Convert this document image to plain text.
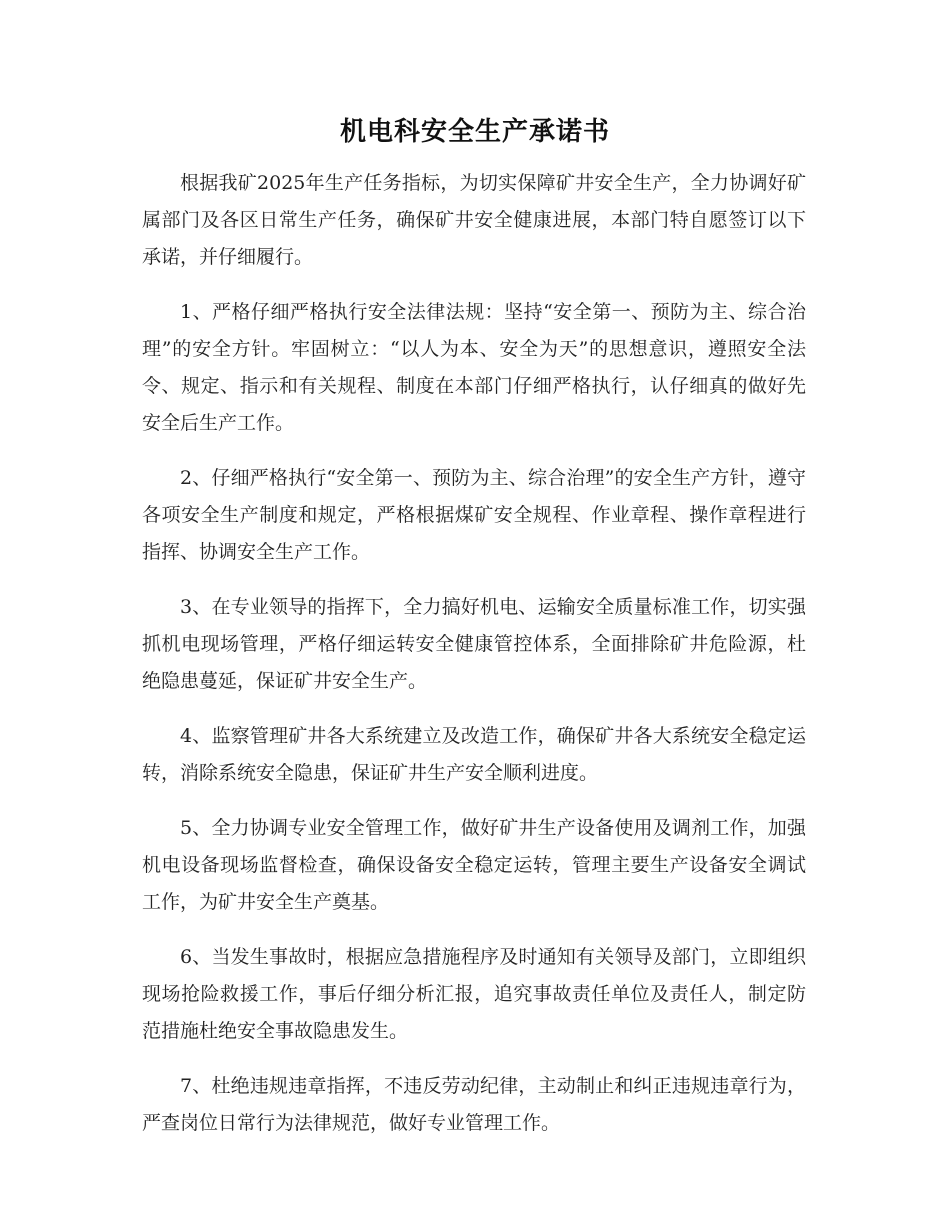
机电科安全生产承诺书

根据我矿2025年生产任务指标，为切实保障矿井安全生产，全力协调好矿属部门及各区日常生产任务，确保矿井安全健康进展，本部门特自愿签订以下承诺，并仔细履行。

1、严格仔细严格执行安全法律法规：坚持“安全第一、预防为主、综合治理”的安全方针。牢固树立：“以人为本、安全为天”的思想意识，遵照安全法令、规定、指示和有关规程、制度在本部门仔细严格执行，认仔细真的做好先安全后生产工作。

2、仔细严格执行“安全第一、预防为主、综合治理”的安全生产方针，遵守各项安全生产制度和规定，严格根据煤矿安全规程、作业章程、操作章程进行指挥、协调安全生产工作。

3、在专业领导的指挥下，全力搞好机电、运输安全质量标准工作，切实强抓机电现场管理，严格仔细运转安全健康管控体系，全面排除矿井危险源，杜绝隐患蔓延，保证矿井安全生产。

4、监察管理矿井各大系统建立及改造工作，确保矿井各大系统安全稳定运转，消除系统安全隐患，保证矿井生产安全顺利进度。

5、全力协调专业安全管理工作，做好矿井生产设备使用及调剂工作，加强机电设备现场监督检查，确保设备安全稳定运转，管理主要生产设备安全调试工作，为矿井安全生产奠基。

6、当发生事故时，根据应急措施程序及时通知有关领导及部门，立即组织现场抢险救援工作，事后仔细分析汇报，追究事故责任单位及责任人，制定防范措施杜绝安全事故隐患发生。

7、杜绝违规违章指挥，不违反劳动纪律，主动制止和纠正违规违章行为，严查岗位日常行为法律规范，做好专业管理工作。
